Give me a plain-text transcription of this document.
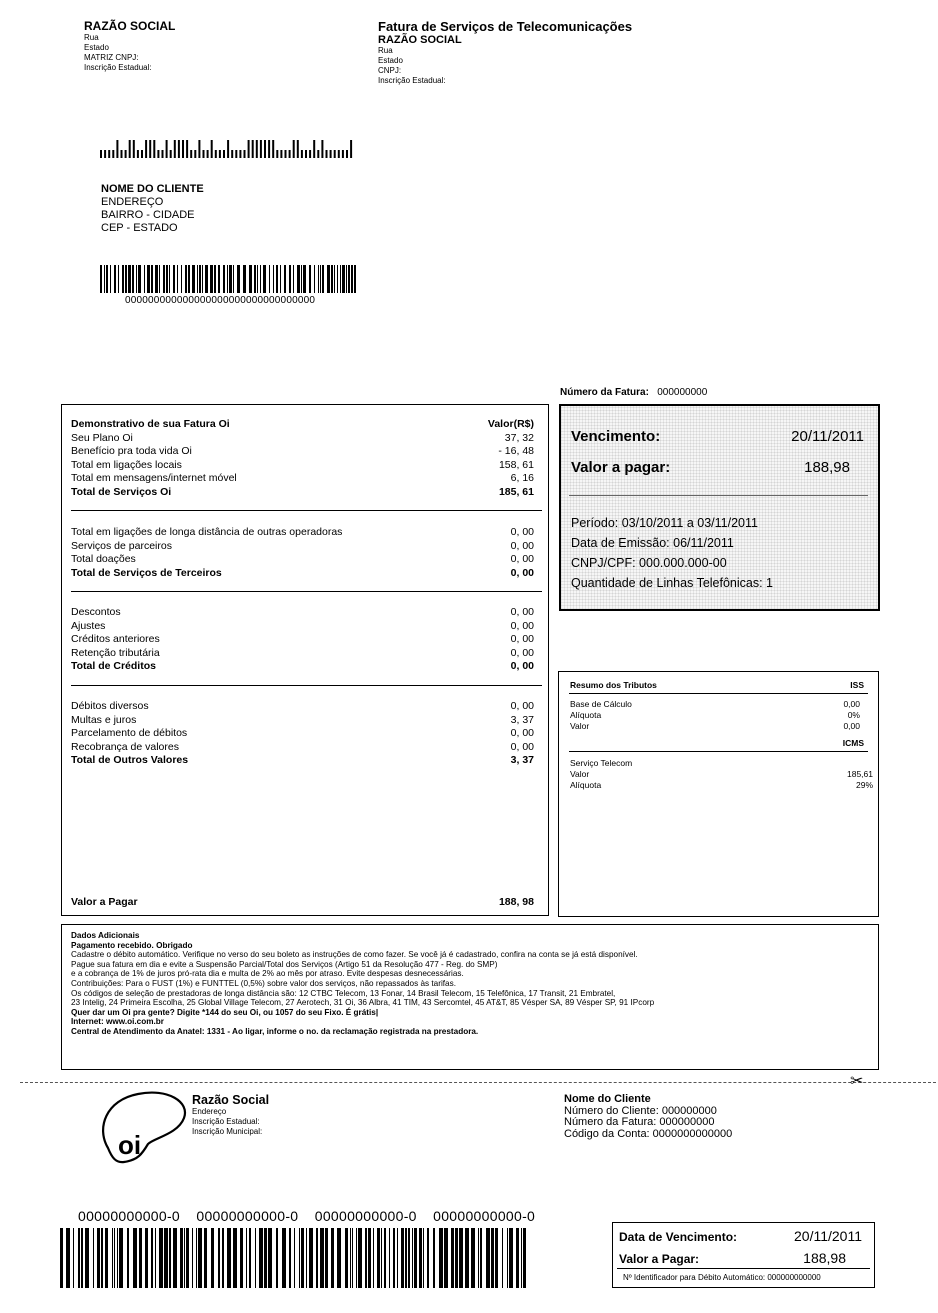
RAZÃO SOCIAL
Rua
Estado
MATRIZ CNPJ:
Inscrição Estadual:
Fatura de Serviços de Telecomunicações
RAZÃO SOCIAL
Rua
Estado
CNPJ:
Inscrição Estadual:
NOME DO CLIENTE
ENDEREÇO
BAIRRO - CIDADE
CEP - ESTADO
000000000000000000000000000000000
Número da Fatura: 000000000
Demonstrativo de sua Fatura Oi	Valor(R$)
Seu Plano Oi	37, 32
Benefício pra toda vida Oi	- 16, 48
Total em ligações locais	158, 61
Total em mensagens/internet móvel	6, 16
Total de Serviços Oi	185, 61
Total em ligações de longa distância de outras operadoras	0, 00
Serviços de parceiros	0, 00
Total doações	0, 00
Total de Serviços de Terceiros	0, 00
Descontos	0, 00
Ajustes	0, 00
Créditos anteriores	0, 00
Retenção tributária	0, 00
Total de Créditos	0, 00
Débitos diversos	0, 00
Multas e juros	3, 37
Parcelamento de débitos	0, 00
Recobrança de valores	0, 00
Total de Outros Valores	3, 37
Valor a Pagar	188, 98
Vencimento:	20/11/2011
Valor a pagar:	188,98
Período: 03/10/2011 a 03/11/2011
Data de Emissão: 06/11/2011
CNPJ/CPF: 000.000.000-00
Quantidade de Linhas Telefônicas: 1
Resumo dos Tributos	ISS
Base de Cálculo	0,00
Alíquota	0%
Valor	0,00
ICMS
Serviço Telecom
Valor	185,61
Alíquota	29%
Dados Adicionais
Pagamento recebido. Obrigado
Cadastre o débito automático. Verifique no verso do seu boleto as instruções de como fazer. Se você já é cadastrado, confira na conta se já está disponível.
Pague sua fatura em dia e evite a Suspensão Parcial/Total dos Serviços (Artigo 51 da Resolução 477 - Reg. do SMP)
e a cobrança de 1% de juros pró-rata dia e multa de 2% ao mês por atraso. Evite despesas desnecessárias.
Contribuições: Para o FUST (1%) e FUNTTEL (0,5%) sobre valor dos serviços, não repassados às tarifas.
Os códigos de seleção de prestadoras de longa distância são: 12 CTBC Telecom, 13 Fonar, 14 Brasil Telecom, 15 Telefônica, 17 Transit, 21 Embratel,
23 Intelig, 24 Primeira Escolha, 25 Global Village Telecom, 27 Aerotech, 31 Oi, 36 Albra, 41 TIM, 43 Sercomtel, 45 AT&T, 85 Vésper SA, 89 Vésper SP, 91 IPcorp
Quer dar um Oi pra gente? Digite *144 do seu Oi, ou 1057 do seu Fixo. É grátis|
Internet: www.oi.com.br
Central de Atendimento da Anatel: 1331 - Ao ligar, informe o no. da reclamação registrada na prestadora.
✂
oi
Razão Social
Endereço
Inscrição Estadual:
Inscrição Municipal:
Nome do Cliente
Número do Cliente: 000000000
Número da Fatura: 000000000
Código da Conta: 0000000000000
00000000000-0  00000000000-0  00000000000-0  00000000000-0
Data de Vencimento:	20/11/2011
Valor a Pagar:	188,98
Nº Identificador para Débito Automático: 000000000000
